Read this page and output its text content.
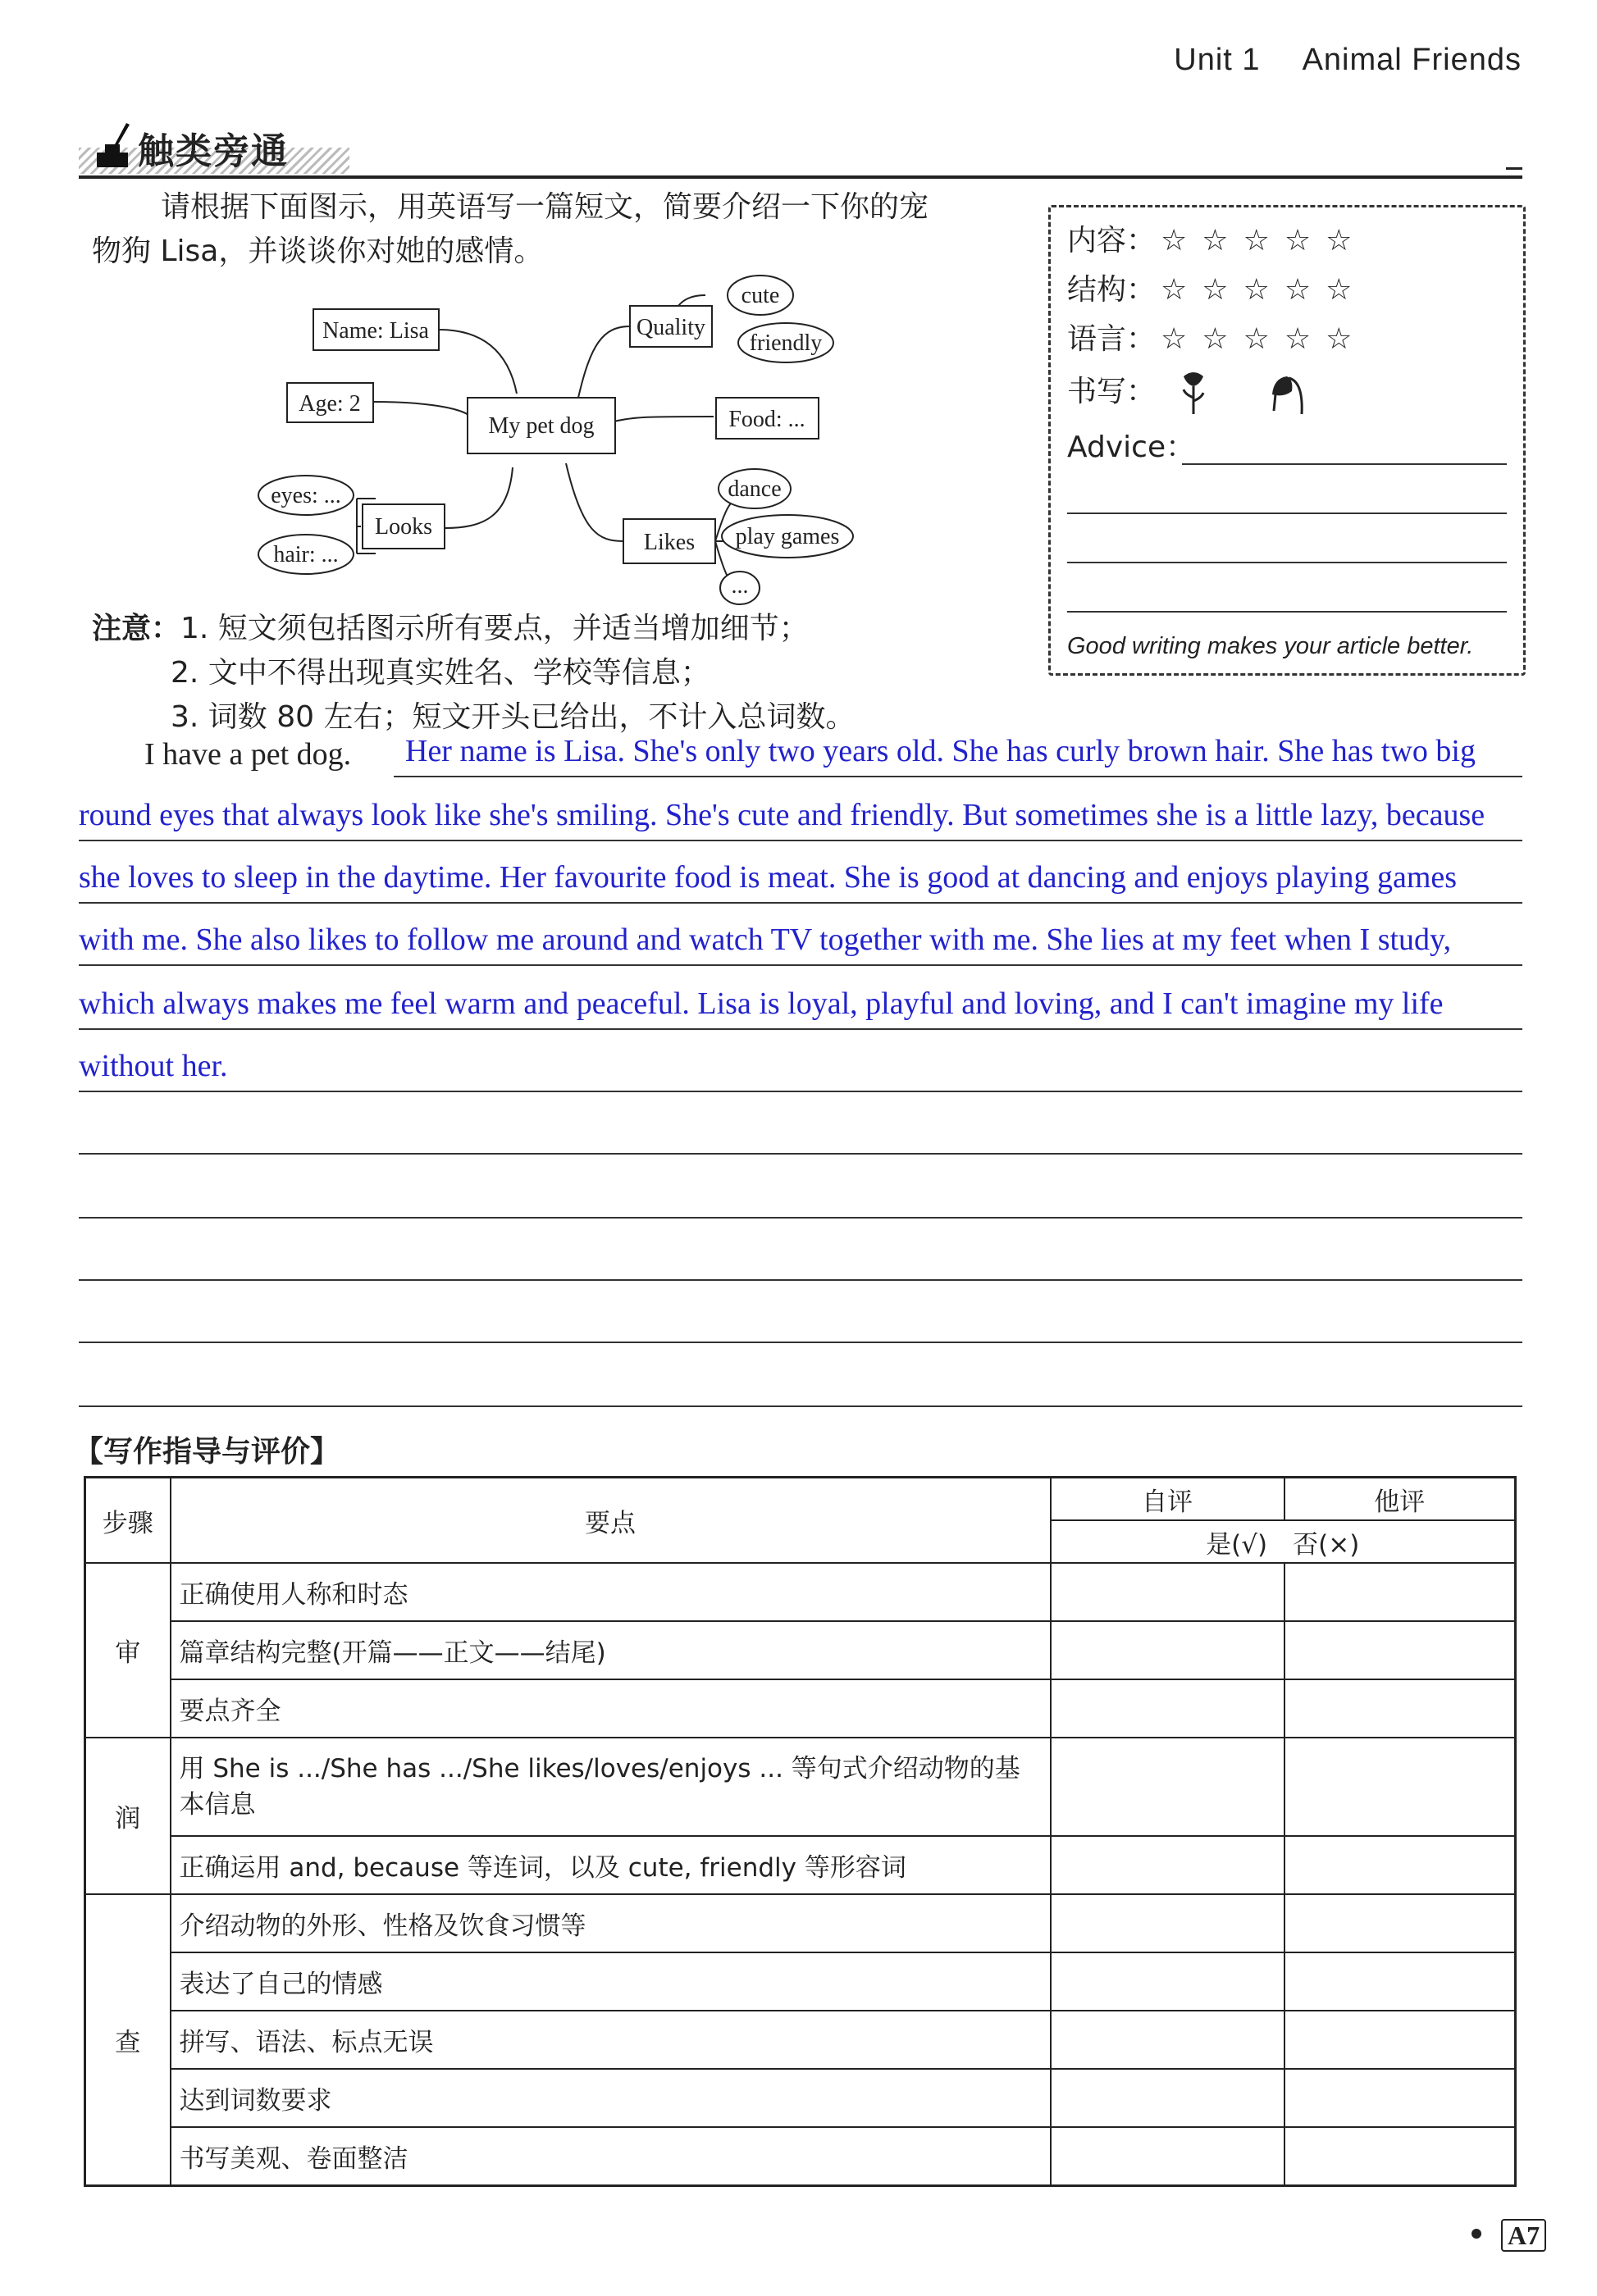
Unit 1 Animal Friends
触类旁通
请根据下面图示，用英语写一篇短文，简要介绍一下你的宠
物狗 Lisa，并谈谈你对她的感情。
Name: Lisa
Age: 2
My pet dog
Quality
Food: ...
Looks
Likes
cute
friendly
eyes: ...
hair: ...
dance
play games
...
内容： ☆☆☆☆☆
结构： ☆☆☆☆☆
语言： ☆☆☆☆☆
书写：
Advice：
Good writing makes your article better.
注意：1. 短文须包括图示所有要点，并适当增加细节；
2. 文中不得出现真实姓名、学校等信息；
3. 词数 80 左右；短文开头已给出，不计入总词数。
I have a pet dog. Her name is Lisa. She's only two years old. She has curly brown hair. She has two big
round eyes that always look like she's smiling. She's cute and friendly. But sometimes she is a little lazy, because
she loves to sleep in the daytime. Her favourite food is meat. She is good at dancing and enjoys playing games
with me. She also likes to follow me around and watch TV together with me. She lies at my feet when I study,
which always makes me feel warm and peaceful. Lisa is loyal, playful and loving, and I can't imagine my life
without her.
【写作指导与评价】
步骤	要点	自评	他评
		是(√)　否(×)	
审	正确使用人称和时态		
	篇章结构完整(开篇——正文——结尾)		
	要点齐全		
润	用 She is .../She has .../She likes/loves/enjoys ... 等句式介绍动物的基本信息		
	正确运用 and, because 等连词，以及 cute, friendly 等形容词		
查	介绍动物的外形、性格及饮食习惯等		
	表达了自己的情感		
	拼写、语法、标点无误		
	达到词数要求		
	书写美观、卷面整洁		
A7
